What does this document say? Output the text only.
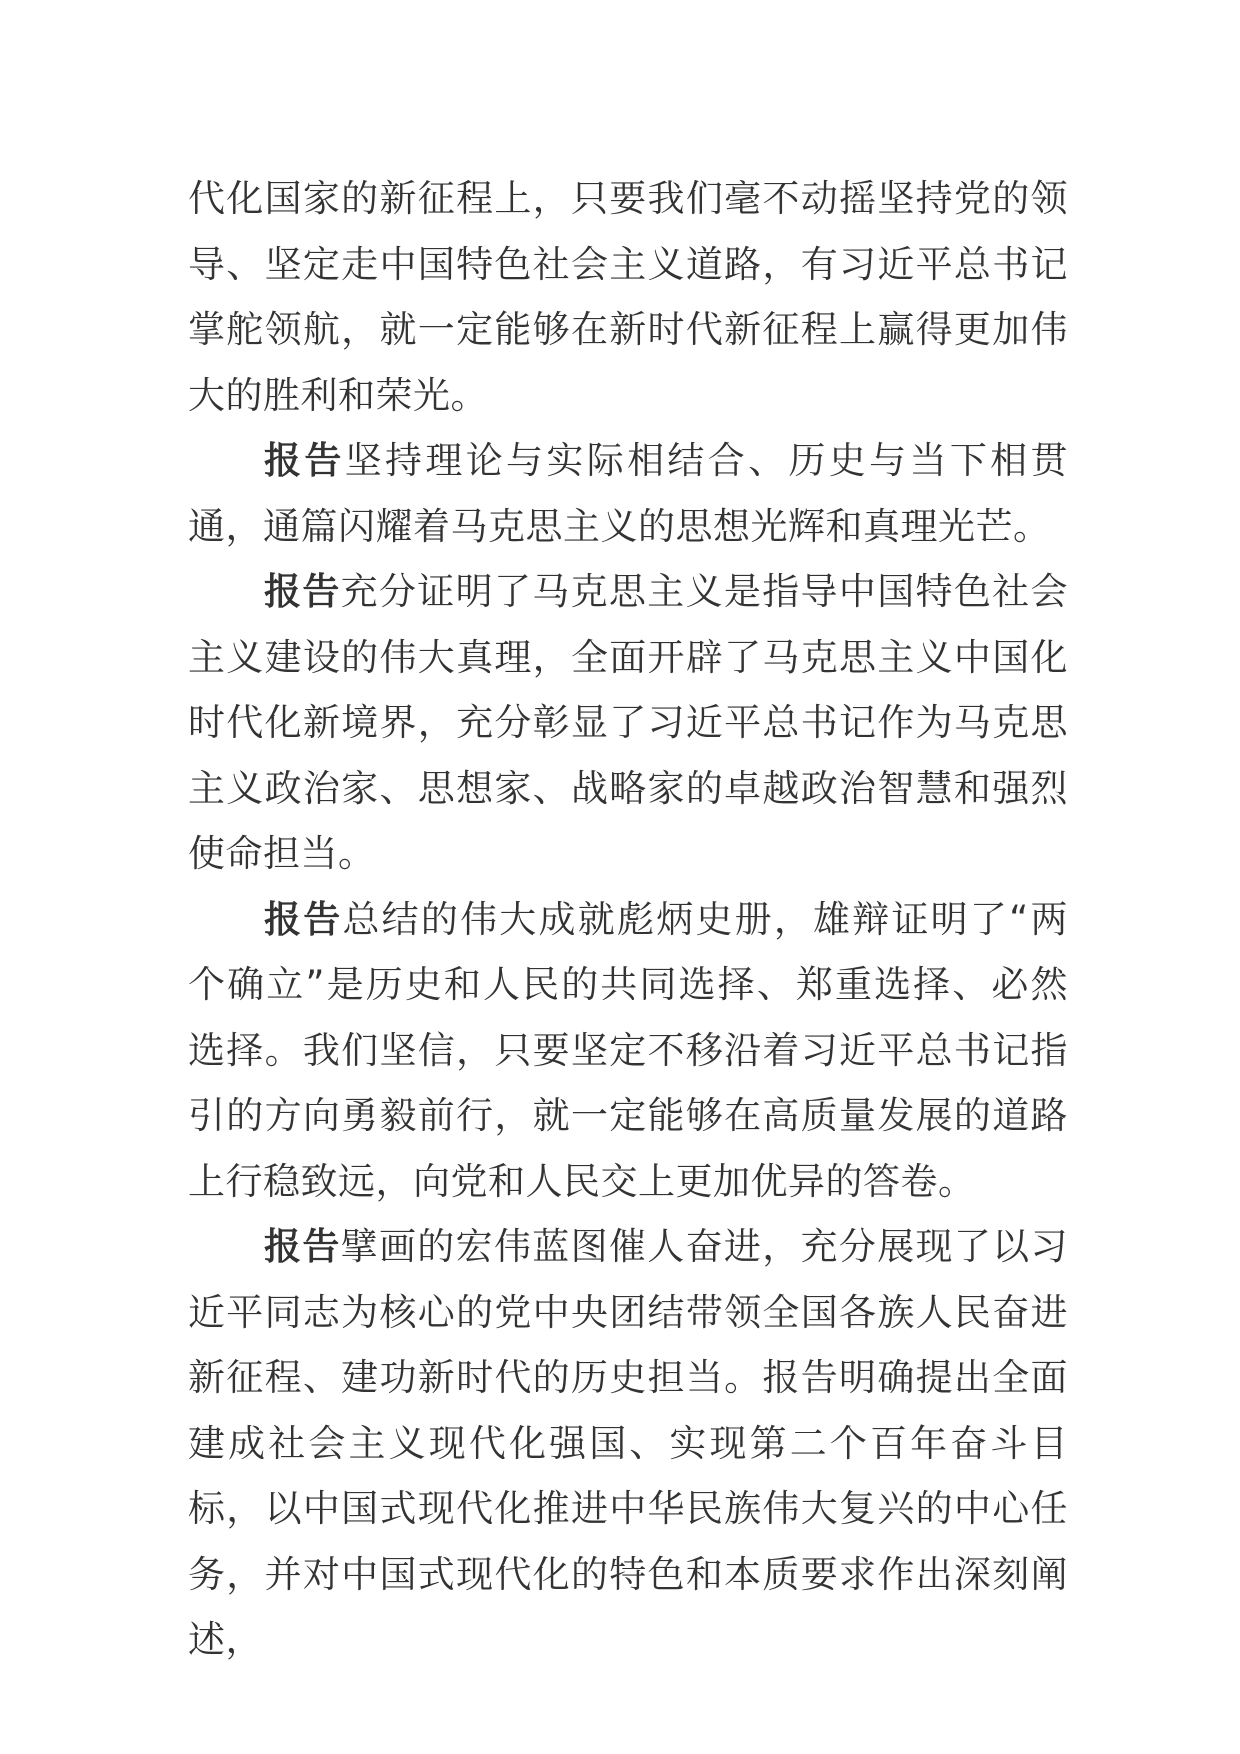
代化国家的新征程上，只要我们毫不动摇坚持党的领导、坚定走中国特色社会主义道路，有习近平总书记掌舵领航，就一定能够在新时代新征程上赢得更加伟大的胜利和荣光。

报告坚持理论与实际相结合、历史与当下相贯通，通篇闪耀着马克思主义的思想光辉和真理光芒。

报告充分证明了马克思主义是指导中国特色社会主义建设的伟大真理，全面开辟了马克思主义中国化时代化新境界，充分彰显了习近平总书记作为马克思主义政治家、思想家、战略家的卓越政治智慧和强烈使命担当。

报告总结的伟大成就彪炳史册，雄辩证明了“两个确立”是历史和人民的共同选择、郑重选择、必然选择。我们坚信，只要坚定不移沿着习近平总书记指引的方向勇毅前行，就一定能够在高质量发展的道路上行稳致远，向党和人民交上更加优异的答卷。

报告擘画的宏伟蓝图催人奋进，充分展现了以习近平同志为核心的党中央团结带领全国各族人民奋进新征程、建功新时代的历史担当。报告明确提出全面建成社会主义现代化强国、实现第二个百年奋斗目标，以中国式现代化推进中华民族伟大复兴的中心任务，并对中国式现代化的特色和本质要求作出深刻阐述，
